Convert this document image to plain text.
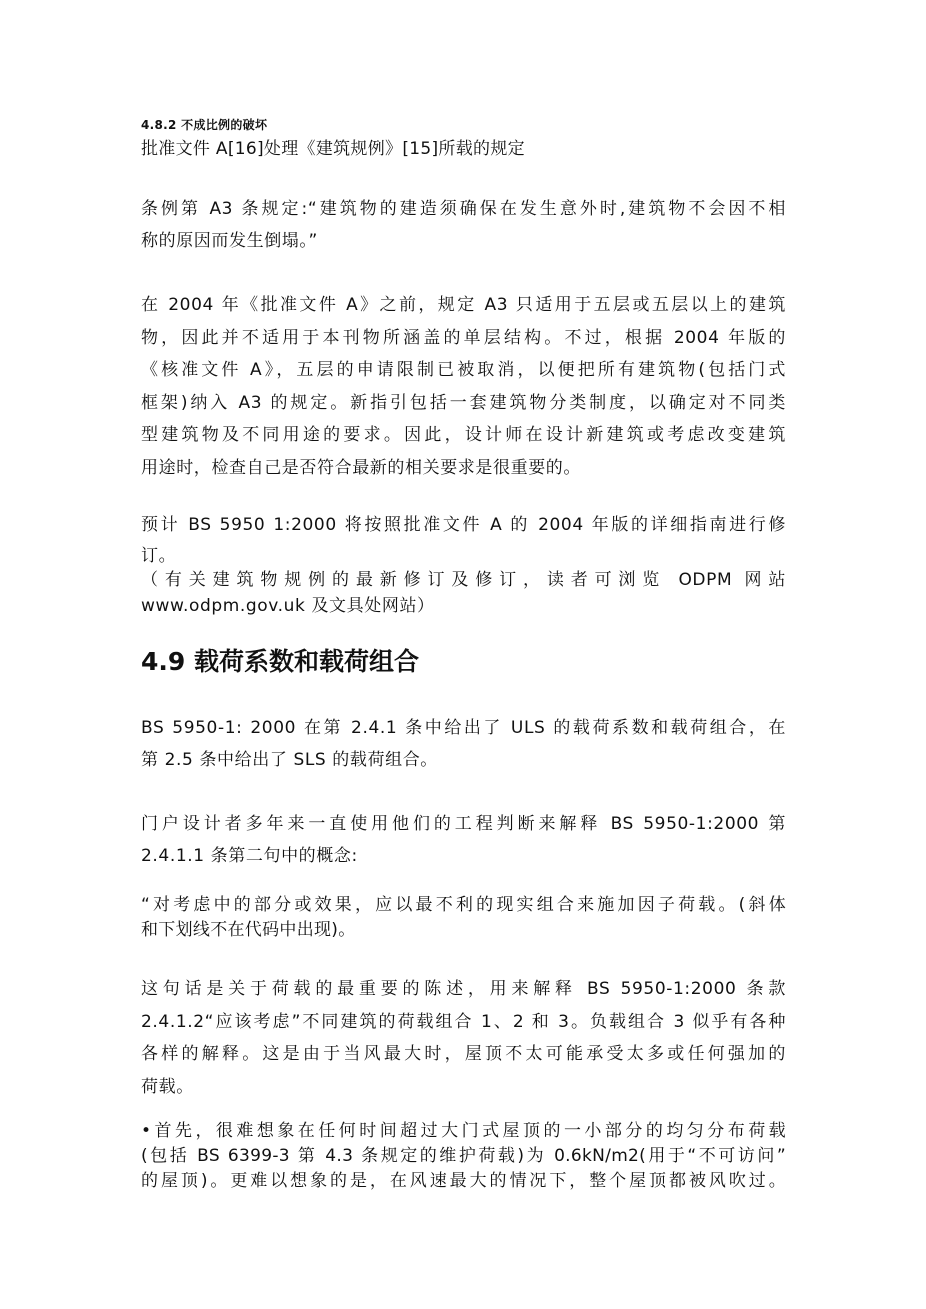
4.8.2 不成比例的破坏
批准文件 A[16]处理《建筑规例》[15]所载的规定
条例第 A3 条规定:“建筑物的建造须确保在发生意外时,建筑物不会因不相
称的原因而发生倒塌。”
在 2004 年《批准文件 A》之前，规定 A3 只适用于五层或五层以上的建筑
物，因此并不适用于本刊物所涵盖的单层结构。不过，根据 2004 年版的
《核准文件 A》，五层的申请限制已被取消，以便把所有建筑物(包括门式
框架)纳入 A3 的规定。新指引包括一套建筑物分类制度，以确定对不同类
型建筑物及不同用途的要求。因此，设计师在设计新建筑或考虑改变建筑
用途时，检查自己是否符合最新的相关要求是很重要的。
预计 BS 5950 1:2000 将按照批准文件 A 的 2004 年版的详细指南进行修
订。
（有关建筑物规例的最新修订及修订，读者可浏览 ODPM 网站
www.odpm.gov.uk 及文具处网站）
4.9 载荷系数和载荷组合
BS 5950-1: 2000 在第 2.4.1 条中给出了 ULS 的载荷系数和载荷组合，在
第 2.5 条中给出了 SLS 的载荷组合。
门户设计者多年来一直使用他们的工程判断来解释 BS 5950-1:2000 第
2.4.1.1 条第二句中的概念:
“对考虑中的部分或效果，应以最不利的现实组合来施加因子荷载。(斜体
和下划线不在代码中出现)。
这句话是关于荷载的最重要的陈述，用来解释 BS 5950-1:2000 条款
2.4.1.2“应该考虑”不同建筑的荷载组合 1、2 和 3。负载组合 3 似乎有各种
各样的解释。这是由于当风最大时，屋顶不太可能承受太多或任何强加的
荷载。
•首先，很难想象在任何时间超过大门式屋顶的一小部分的均匀分布荷载
(包括 BS 6399-3 第 4.3 条规定的维护荷载)为 0.6kN/m2(用于“不可访问”
的屋顶)。更难以想象的是，在风速最大的情况下，整个屋顶都被风吹过。
